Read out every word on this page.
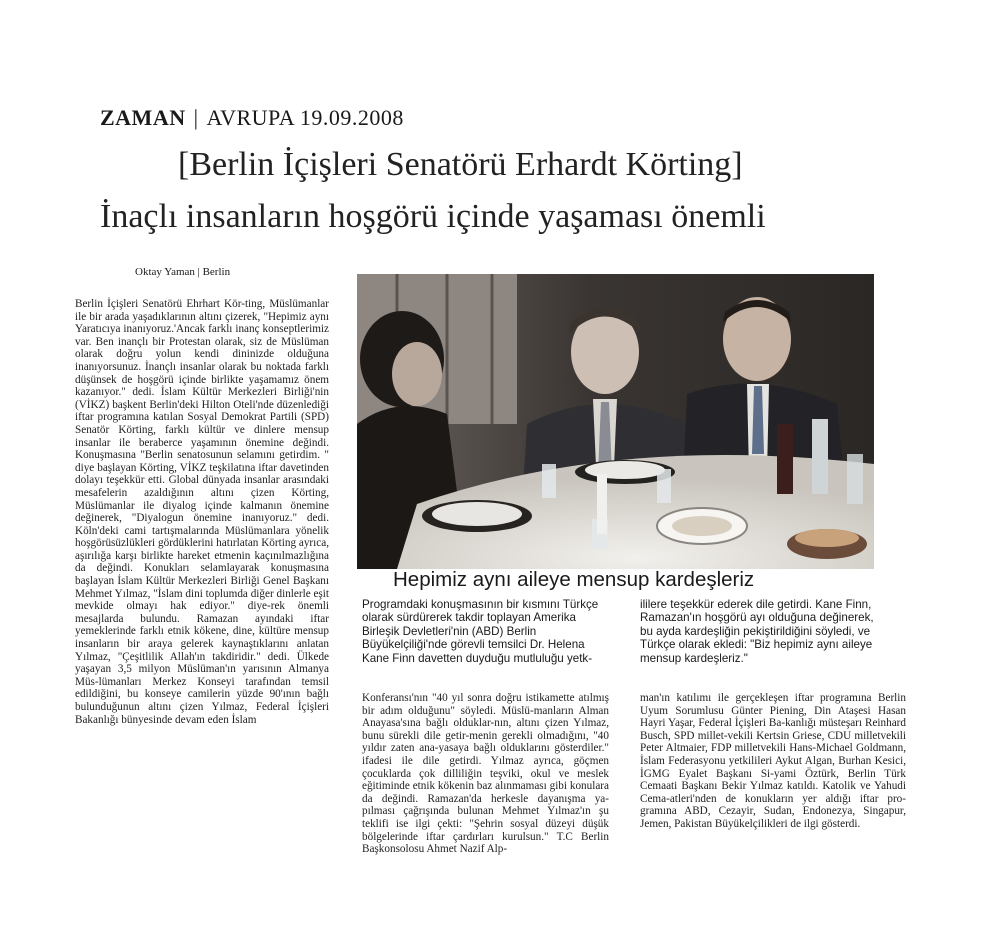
ZAMAN | AVRUPA 19.09.2008
[Berlin İçişleri Senatörü Erhardt Körting]
İnaçlı insanların hoşgörü içinde yaşaması önemli
Oktay Yaman | Berlin
Berlin İçişleri Senatörü Ehrhart Kör-ting, Müslümanlar ile bir arada yaşadıklarının altını çizerek, "Hepimiz aynı Yaratıcıya inanıyoruz.'Ancak farklı inanç konseptlerimiz var. Ben inançlı bir Protestan olarak, siz de Müslüman olarak doğru yolun kendi dininizde olduğuna inanıyorsunuz. İnançlı insanlar olarak bu noktada farklı düşünsek de hoşgörü içinde birlikte yaşamamız önem kazanıyor." dedi. İslam Kültür Merkezleri Birliği'nin (VİKZ) başkent Berlin'deki Hilton Oteli'nde düzenlediği iftar programına katılan Sosyal Demokrat Partili (SPD) Senatör Körting, farklı kültür ve dinlere mensup insanlar ile beraberce yaşamının önemine değindi. Konuşmasına "Berlin senatosunun selamını getirdim. " diye başlayan Körting, VİKZ teşkilatına iftar davetinden dolayı teşekkür etti. Global dünyada insanlar arasındaki mesafelerin azaldığının altını çizen Körting, Müslümanlar ile diyalog içinde kalmanın önemine değinerek, "Diyalogun önemine inanıyoruz." dedi. Köln'deki cami tartışmalarında Müslümanlara yönelik hoşgörüsüzlükleri gördüklerini hatırlatan Körting ayrıca, aşırılığa karşı birlikte hareket etmenin kaçınılmazlığına da değindi. Konukları selamlayarak konuşmasına başlayan İslam Kültür Merkezleri Birliği Genel Başkanı Mehmet Yılmaz, "İslam dini toplumda diğer dinlerle eşit mevkide olmayı hak ediyor." diye-rek önemli mesajlarda bulundu. Ramazan ayındaki iftar yemeklerinde farklı etnik kökene, dine, kültüre mensup insanların bir araya gelerek kaynaştıklarını anlatan Yılmaz, "Çeşitlilik Allah'ın takdiridir." dedi. Ülkede yaşayan 3,5 milyon Müslüman'ın yarısının Almanya Müs-lümanları Merkez Konseyi tarafından temsil edildiğini, bu konseye camilerin yüzde 90'ının bağlı bulunduğunun altını çizen Yılmaz, Federal İçişleri Bakanlığı bünyesinde devam eden İslam
Hepimiz aynı aileye mensup kardeşleriz
Programdaki konuşmasının bir kısmını Türkçe olarak sürdürerek takdir toplayan Amerika Birleşik Devletleri'nin (ABD) Berlin Büyükelçiliği'nde görevli temsilci Dr. Helena Kane Finn davetten duyduğu mutluluğu yetk-
ililere teşekkür ederek dile getirdi. Kane Finn, Ramazan'ın hoşgörü ayı olduğuna değinerek, bu ayda kardeşliğin pekiştirildiğini söyledi, ve Türkçe olarak ekledi: "Biz hepimiz aynı aileye mensup kardeşleriz."
Konferansı'nın "40 yıl sonra doğru istikamette atılmış bir adım olduğunu" söyledi. Müslü-manların Alman Anayasa'sına bağlı olduklar-nın, altını çizen Yılmaz, bunu sürekli dile getir-menin gerekli olmadığını, "40 yıldır zaten ana-yasaya bağlı olduklarını gösterdiler." ifadesi ile dile getirdi. Yılmaz ayrıca, göçmen çocuklarda çok dilliliğin teşviki, okul ve meslek eğitiminde etnik kökenin baz alınmaması gibi konulara da değindi. Ramazan'da herkesle dayanışma ya-pılması çağrışında bulunan Mehmet Yılmaz'ın şu teklifi ise ilgi çekti: "Şehrin sosyal düzeyi düşük bölgelerinde iftar çardırları kurulsun." T.C Berlin Başkonsolosu Ahmet Nazif Alp-
man'ın katılımı ile gerçekleşen iftar programına Berlin Uyum Sorumlusu Günter Piening, Din Ataşesi Hasan Hayri Yaşar, Federal İçişleri Ba-kanlığı müsteşarı Reinhard Busch, SPD millet-vekili Kertsin Griese, CDU milletvekili Peter Altmaier, FDP milletvekili Hans-Michael Goldmann, İslam Federasyonu yetkilileri Aykut Algan, Burhan Kesici, İGMG Eyalet Başkanı Si-yami Öztürk, Berlin Türk Cemaati Başkanı Bekir Yılmaz katıldı. Katolik ve Yahudi Cema-atleri'nden de konukların yer aldığı iftar pro-gramına ABD, Cezayir, Sudan, Endonezya, Singapur, Jemen, Pakistan Büyükelçilikleri de ilgi gösterdi.
